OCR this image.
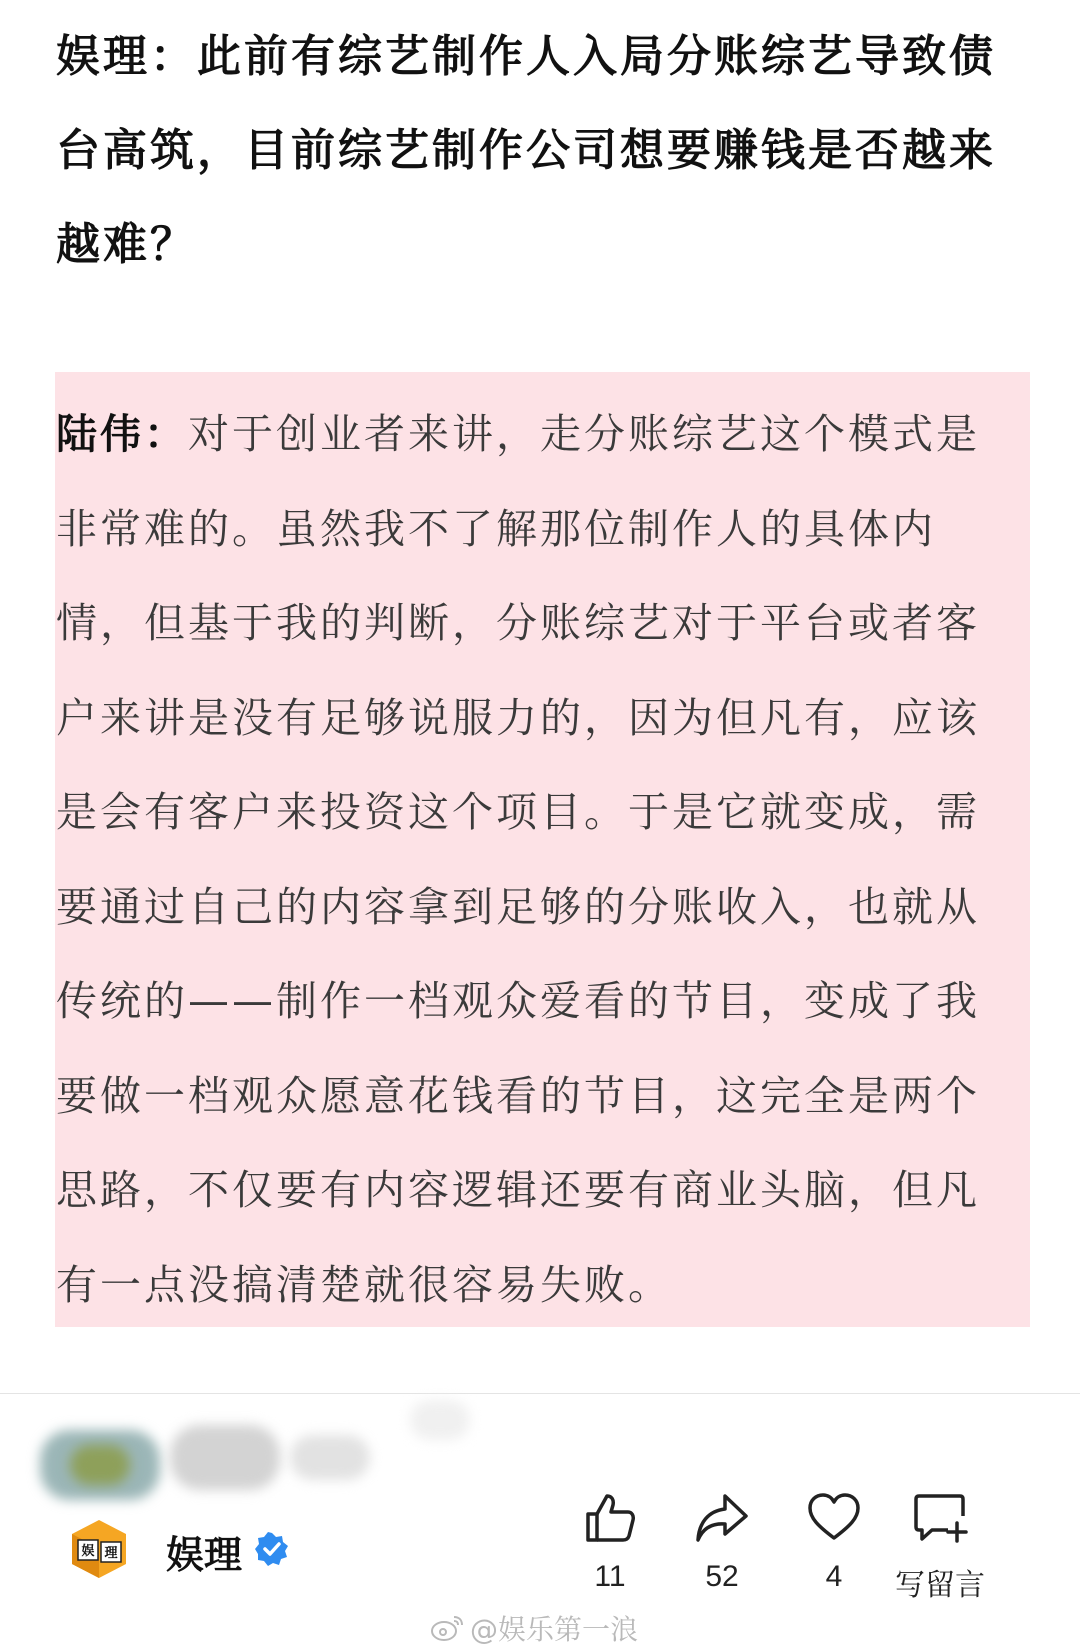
娱理：此前有综艺制作人入局分账综艺导致债台高筑，目前综艺制作公司想要赚钱是否越来越难？
陆伟：对于创业者来讲，走分账综艺这个模式是非常难的。虽然我不了解那位制作人的具体内情，但基于我的判断，分账综艺对于平台或者客户来讲是没有足够说服力的，因为但凡有，应该是会有客户来投资这个项目。于是它就变成，需要通过自己的内容拿到足够的分账收入，也就从传统的——制作一档观众爱看的节目，变成了我要做一档观众愿意花钱看的节目，这完全是两个思路，不仅要有内容逻辑还要有商业头脑，但凡有一点没搞清楚就很容易失败。
娱 理 娱理	11	52	4	写留言
@娱乐第一浪
